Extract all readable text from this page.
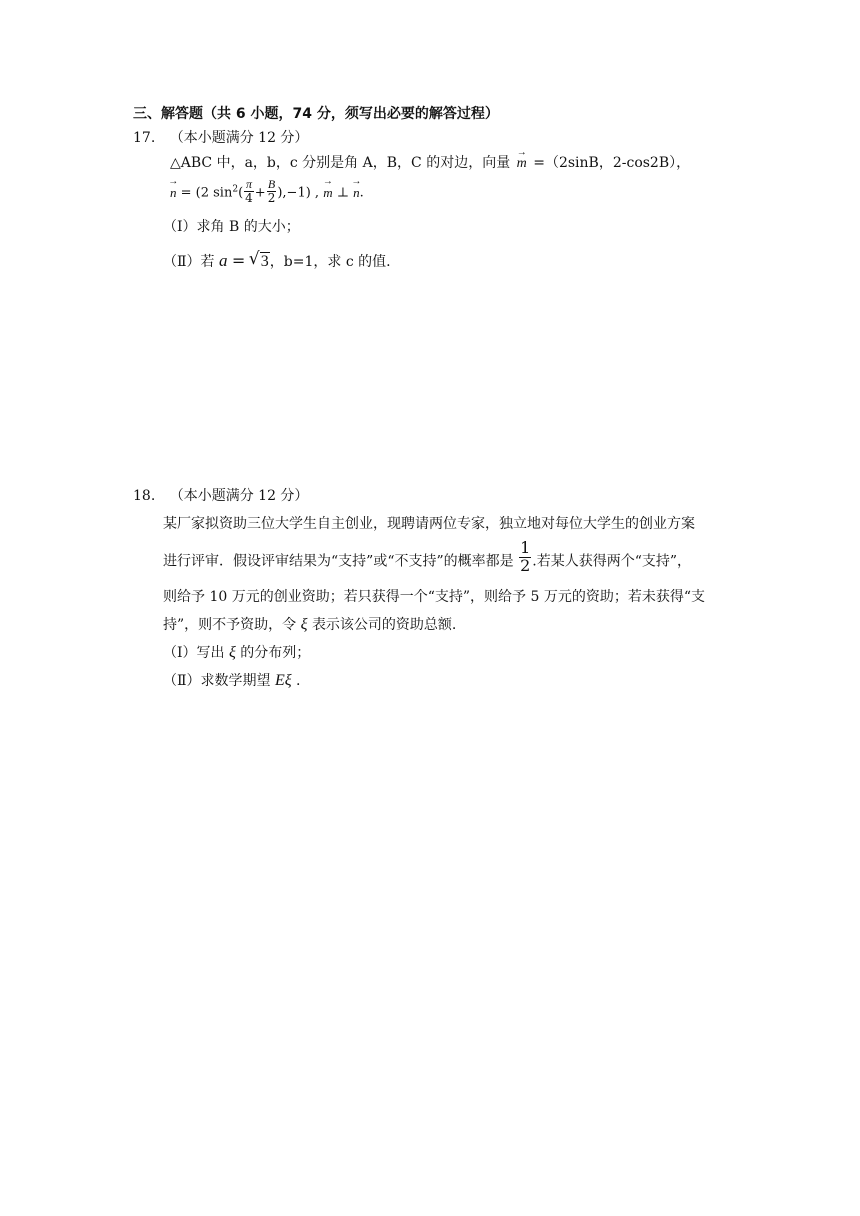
三、解答题（共 6 小题，74 分，须写出必要的解答过程）
17. （本小题满分 12 分）
△ABC 中，a，b，c 分别是角 A，B，C 的对边，向量 → m =（2sinB，2-cos2B），
→ n = (2 $\sin^2( \frac{\pi}{4} + \frac{B}{2} ),-1$) , → m ⊥ → n.
（Ⅰ）求角 B 的大小；
（Ⅱ）若 a = √ 3，b=1，求 c 的值.
18. （本小题满分 12 分）
某厂家拟资助三位大学生自主创业，现聘请两位专家，独立地对每位大学生的创业方案
进行评审．假设评审结果为“支持”或“不支持”的概率都是 $\frac{1}{2}$ .若某人获得两个“支持”，
则给予 10 万元的创业资助；若只获得一个“支持”，则给予 5 万元的资助；若未获得“支
持”，则不予资助，令 ξ 表示该公司的资助总额.
（Ⅰ）写出 ξ 的分布列；
（Ⅱ）求数学期望 Eξ .
